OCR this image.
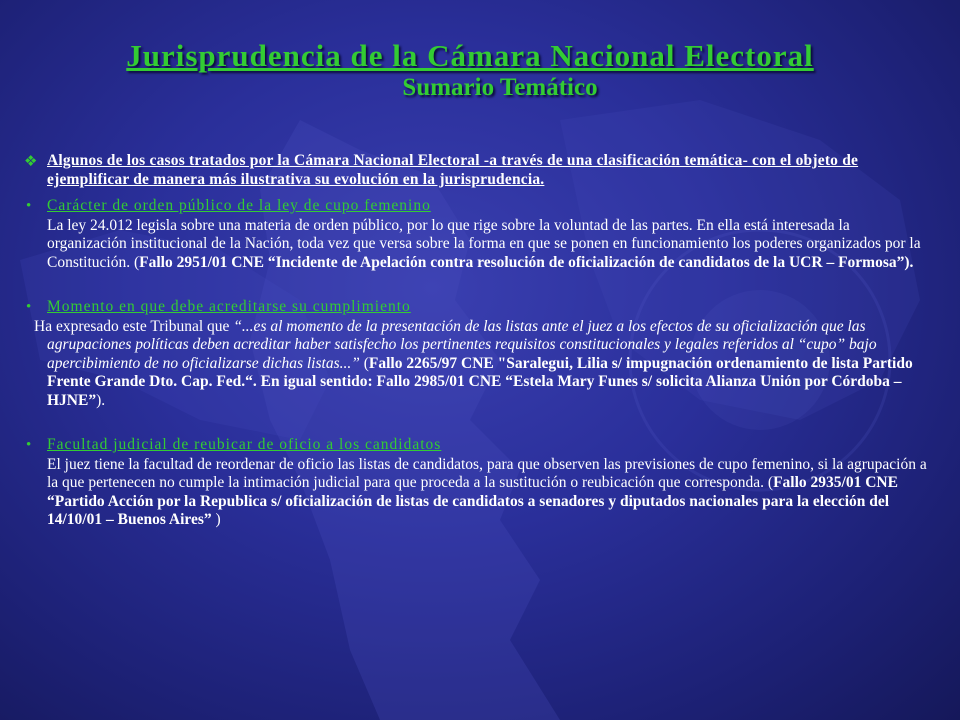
Jurisprudencia de la Cámara Nacional Electoral
Sumario Temático
❖ Algunos de los casos tratados por la Cámara Nacional Electoral -a través de una clasificación temática- con el objeto de ejemplificar de manera más ilustrativa su evolución en la jurisprudencia.
• Carácter de orden público de la ley de cupo femenino
La ley 24.012 legisla sobre una materia de orden público, por lo que rige sobre la voluntad de las partes. En ella está interesada la organización institucional de la Nación, toda vez que versa sobre la forma en que se ponen en funcionamiento los poderes organizados por la Constitución. (Fallo 2951/01 CNE “Incidente de Apelación contra resolución de oficialización de candidatos de la UCR – Formosa”).
• Momento en que debe acreditarse su cumplimiento
Ha expresado este Tribunal que “...es al momento de la presentación de las listas ante el juez a los efectos de su oficialización que las agrupaciones políticas deben acreditar haber satisfecho los pertinentes requisitos constitucionales y legales referidos al “cupo” bajo apercibimiento de no oficializarse dichas listas...” (Fallo 2265/97 CNE "Saralegui, Lilia s/ impugnación ordenamiento de lista Partido Frente Grande Dto. Cap. Fed.“. En igual sentido: Fallo 2985/01 CNE “Estela Mary Funes s/ solicita Alianza Unión por Córdoba –HJNE”).
• Facultad judicial de reubicar de oficio a los candidatos
El juez tiene la facultad de reordenar de oficio las listas de candidatos, para que observen las previsiones de cupo femenino, si la agrupación a la que pertenecen no cumple la intimación judicial para que proceda a la sustitución o reubicación que corresponda. (Fallo 2935/01 CNE “Partido Acción por la Republica s/ oficialización de listas de candidatos a senadores y diputados nacionales para la elección del 14/10/01 – Buenos Aires” )
